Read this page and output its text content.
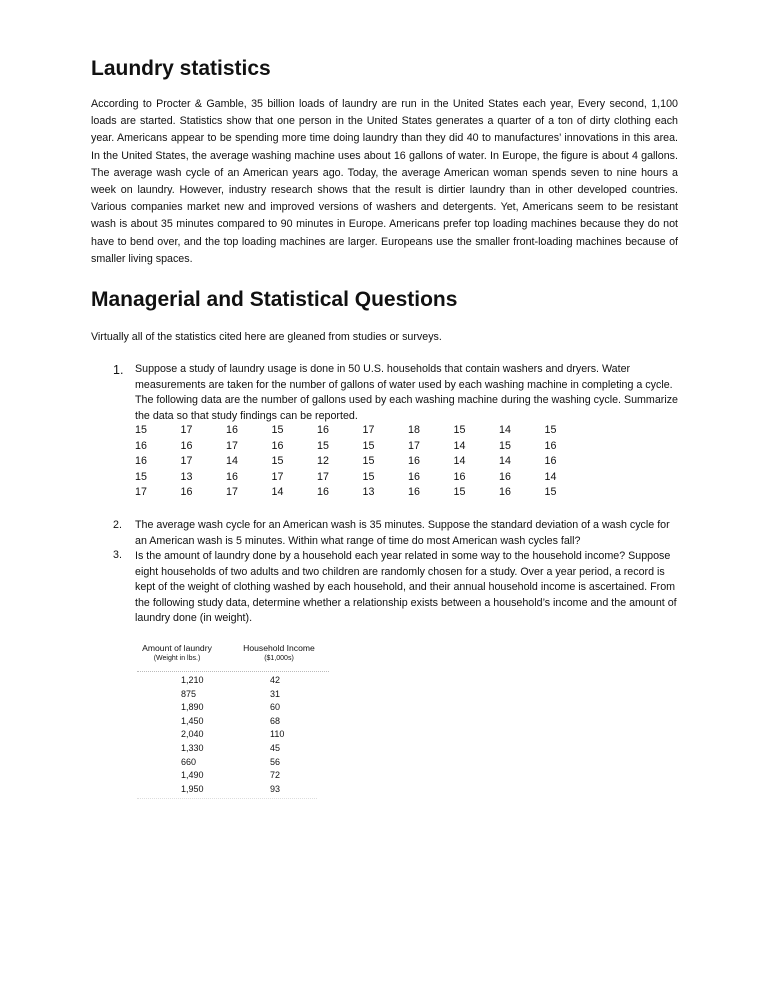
Laundry statistics

According to Procter & Gamble, 35 billion loads of laundry are run in the United States each year, Every second, 1,100 loads are started. Statistics show that one person in the United States generates a quarter of a ton of dirty clothing each year. Americans appear to be spending more time doing laundry than they did 40 to manufactures’ innovations in this area. In the United States, the average washing machine uses about 16 gallons of water. In Europe, the figure is about 4 gallons. The average wash cycle of an American years ago. Today, the average American woman spends seven to nine hours a week on laundry. However, industry research shows that the result is dirtier laundry than in other developed countries. Various companies market new and improved versions of washers and detergents. Yet, Americans seem to be resistant wash is about 35 minutes compared to 90 minutes in Europe. Americans prefer top loading machines because they do not have to bend over, and the top loading machines are larger. Europeans use the smaller front-loading machines because of smaller living spaces.

Managerial and Statistical Questions

Virtually all of the statistics cited here are gleaned from studies or surveys.

1. Suppose a study of laundry usage is done in 50 U.S. households that contain washers and dryers. Water measurements are taken for the number of gallons of water used by each washing machine in completing a cycle. The following data are the number of gallons used by each washing machine during the washing cycle. Summarize the data so that study findings can be reported.

15	17	16	15	16	17	18	15	14	15
16	16	17	16	15	15	17	14	15	16
16	17	14	15	12	15	16	14	14	16
15	13	16	17	17	15	16	16	16	14
17	16	17	14	16	13	16	15	16	15
2. The average wash cycle for an American wash is 35 minutes. Suppose the standard deviation of a wash cycle for an American wash is 5 minutes. Within what range of time do most American wash cycles fall?

3. Is the amount of laundry done by a household each year related in some way to the household income? Suppose eight households of two adults and two children are randomly chosen for a study. Over a year period, a record is kept of the weight of clothing washed by each household, and their annual household income is ascertained. From the following study data, determine whether a relationship exists between a household’s income and the amount of laundry done (in weight).

Amount of laundry
(Weight in lbs.)
Household Income
($1,000s)
1,210	42
875	31
1,890	60
1,450	68
2,040	110
1,330	45
660	56
1,490	72
1,950	93
